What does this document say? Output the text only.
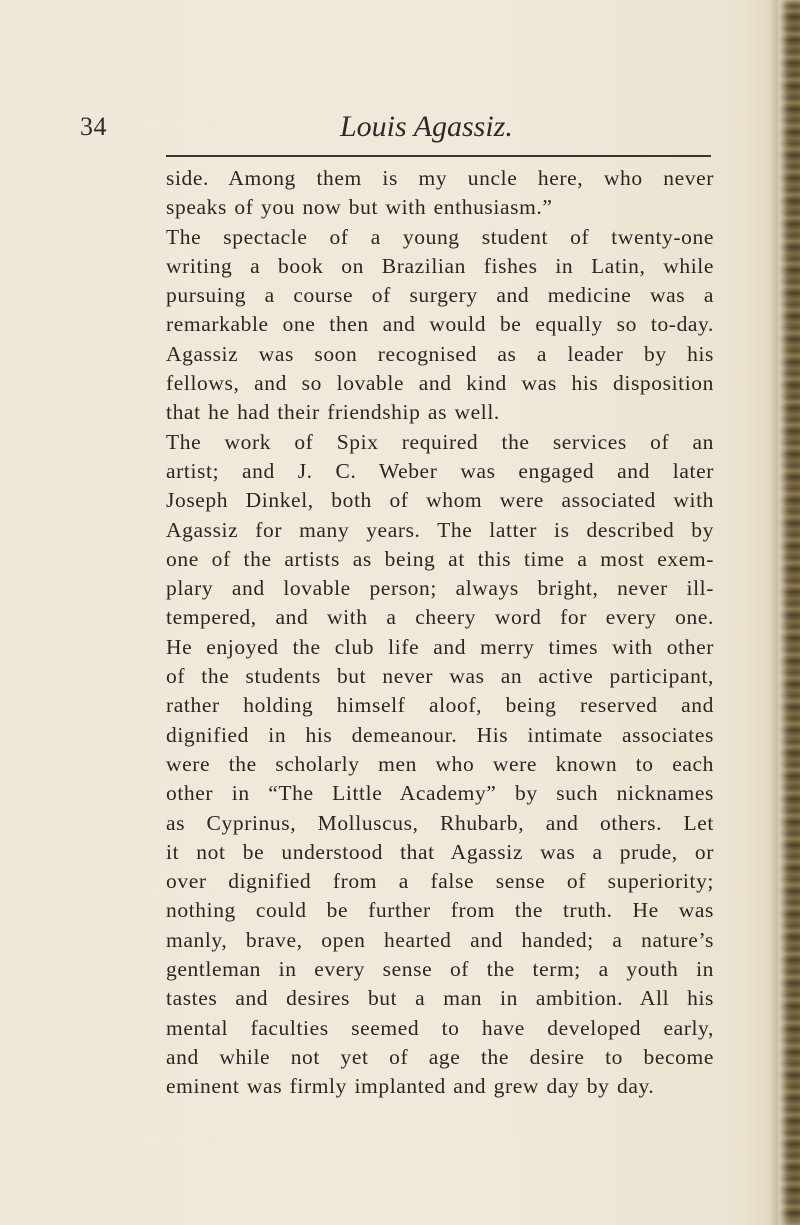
34	Louis Agassiz.
side. Among them is my uncle here, who never
speaks of you now but with enthusiasm.”
The spectacle of a young student of twenty-one
writing a book on Brazilian fishes in Latin, while
pursuing a course of surgery and medicine was a
remarkable one then and would be equally so to-day.
Agassiz was soon recognised as a leader by his
fellows, and so lovable and kind was his disposition
that he had their friendship as well.
The work of Spix required the services of an
artist; and J. C. Weber was engaged and later
Joseph Dinkel, both of whom were associated with
Agassiz for many years. The latter is described by
one of the artists as being at this time a most exem-
plary and lovable person; always bright, never ill-
tempered, and with a cheery word for every one.
He enjoyed the club life and merry times with other
of the students but never was an active participant,
rather holding himself aloof, being reserved and
dignified in his demeanour. His intimate associates
were the scholarly men who were known to each
other in “The Little Academy” by such nicknames
as Cyprinus, Molluscus, Rhubarb, and others. Let
it not be understood that Agassiz was a prude, or
over dignified from a false sense of superiority;
nothing could be further from the truth. He was
manly, brave, open hearted and handed; a nature’s
gentleman in every sense of the term; a youth in
tastes and desires but a man in ambition. All his
mental faculties seemed to have developed early,
and while not yet of age the desire to become
eminent was firmly implanted and grew day by day.
